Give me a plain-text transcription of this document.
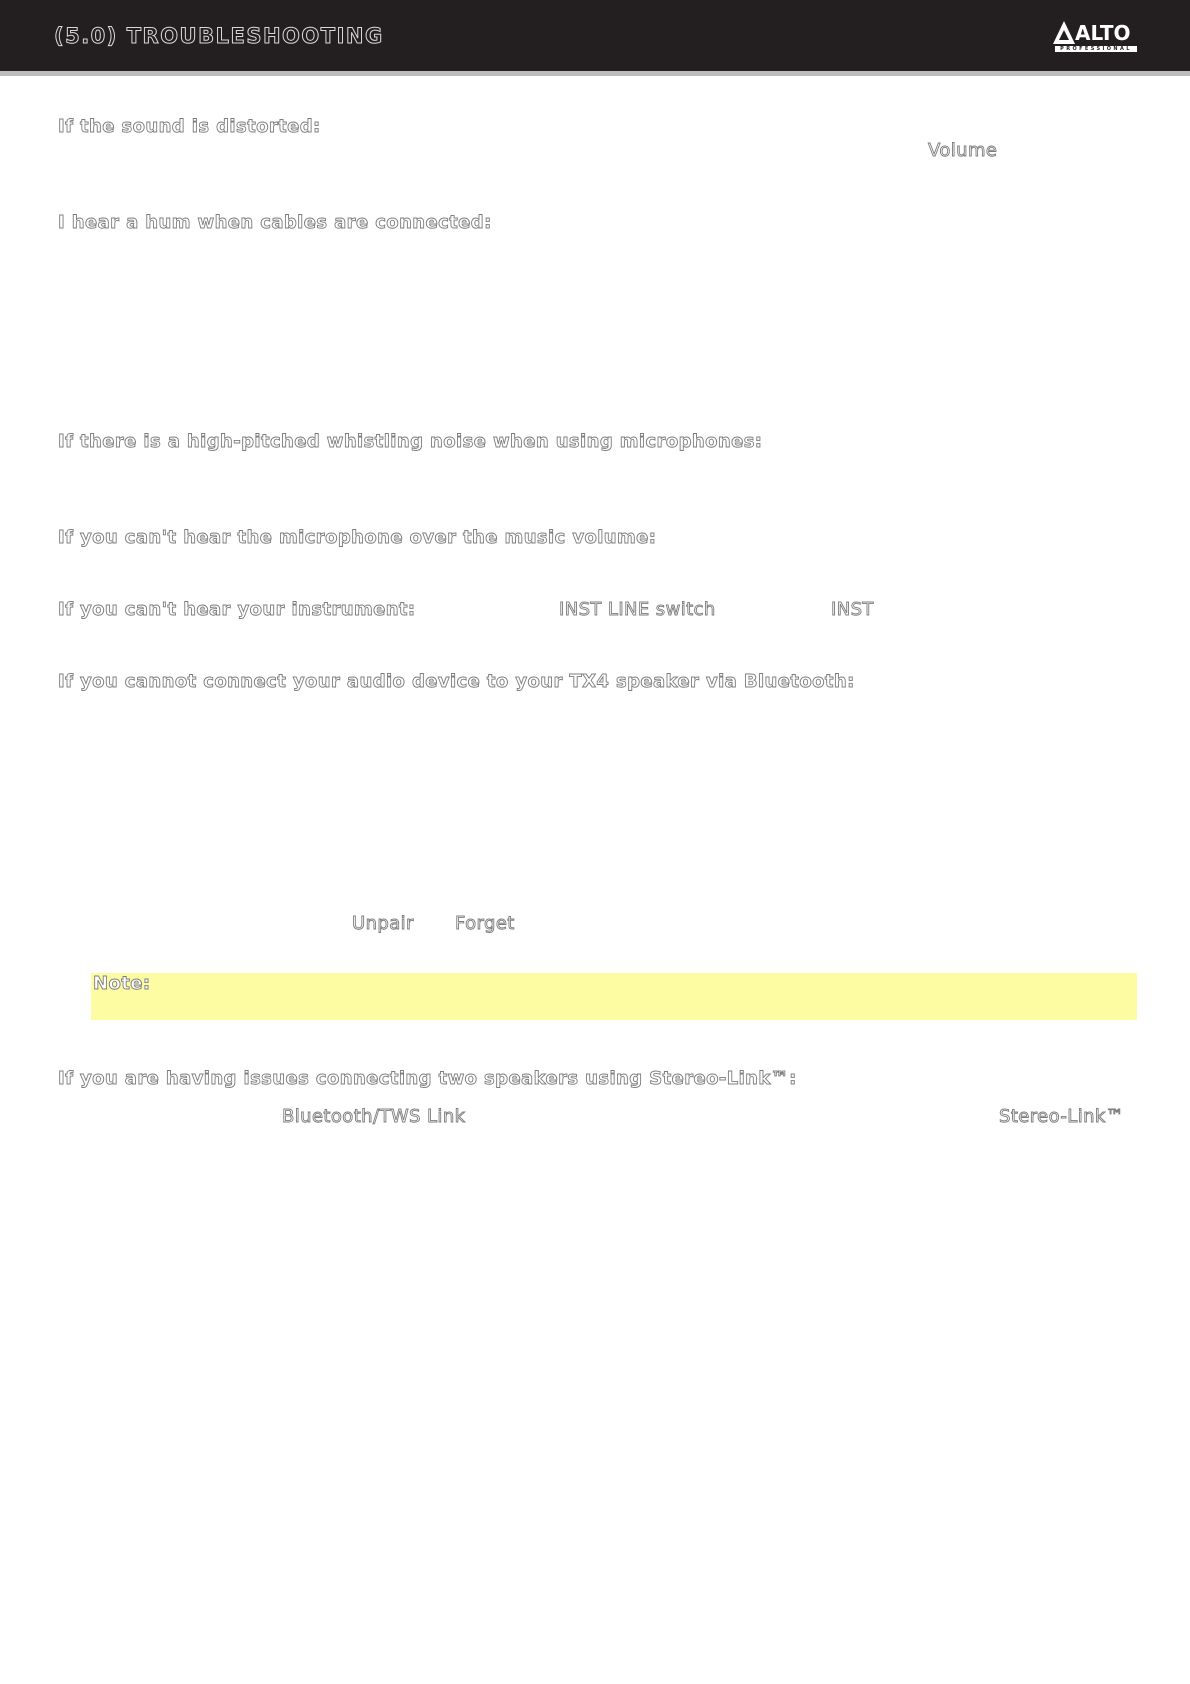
(5.0) TROUBLESHOOTING	ALTO
PROFESSIONAL
If the sound is distorted:
Volume
I hear a hum when cables are connected:
If there is a high-pitched whistling noise when using microphones:
If you can't hear the microphone over the music volume:
If you can't hear your instrument:	INST LINE switch	INST
If you cannot connect your audio device to your TX4 speaker via Bluetooth:
Unpair Forget
Note:
If you are having issues connecting two speakers using Stereo-Link™:
Bluetooth/TWS Link	Stereo-Link™
